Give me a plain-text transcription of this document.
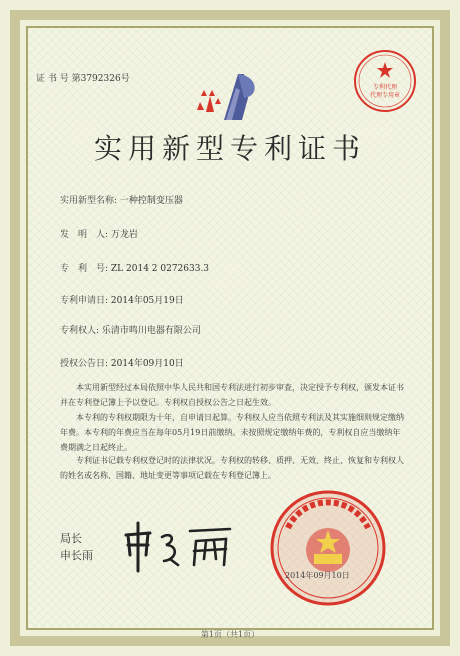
证 书 号 第3792326号
专利代理
代理专用章
实用新型专利证书
实用新型名称: 一种控制变压器
发　明　人: 万龙岩
专　利　号: ZL 2014 2 0272633.3
专利申请日: 2014年05月19日
专利权人: 乐清市鸣川电器有限公司
授权公告日: 2014年09月10日
本实用新型经过本局依照中华人民共和国专利法进行初步审查，决定授予专利权，颁发本证书并在专利登记簿上予以登记。专利权自授权公告之日起生效。
本专利的专利权期限为十年，自申请日起算。专利权人应当依照专利法及其实施细则规定缴纳年费。本专利的年费应当在每年05月19日前缴纳。未按照规定缴纳年费的，专利权自应当缴纳年费期满之日起终止。
专利证书记载专利权登记时的法律状况。专利权的转移、质押、无效、终止、恢复和专利权人的姓名或名称、国籍、地址变更等事项记载在专利登记簿上。
局长
申长雨
2014年09月10日
第1页（共1页）
